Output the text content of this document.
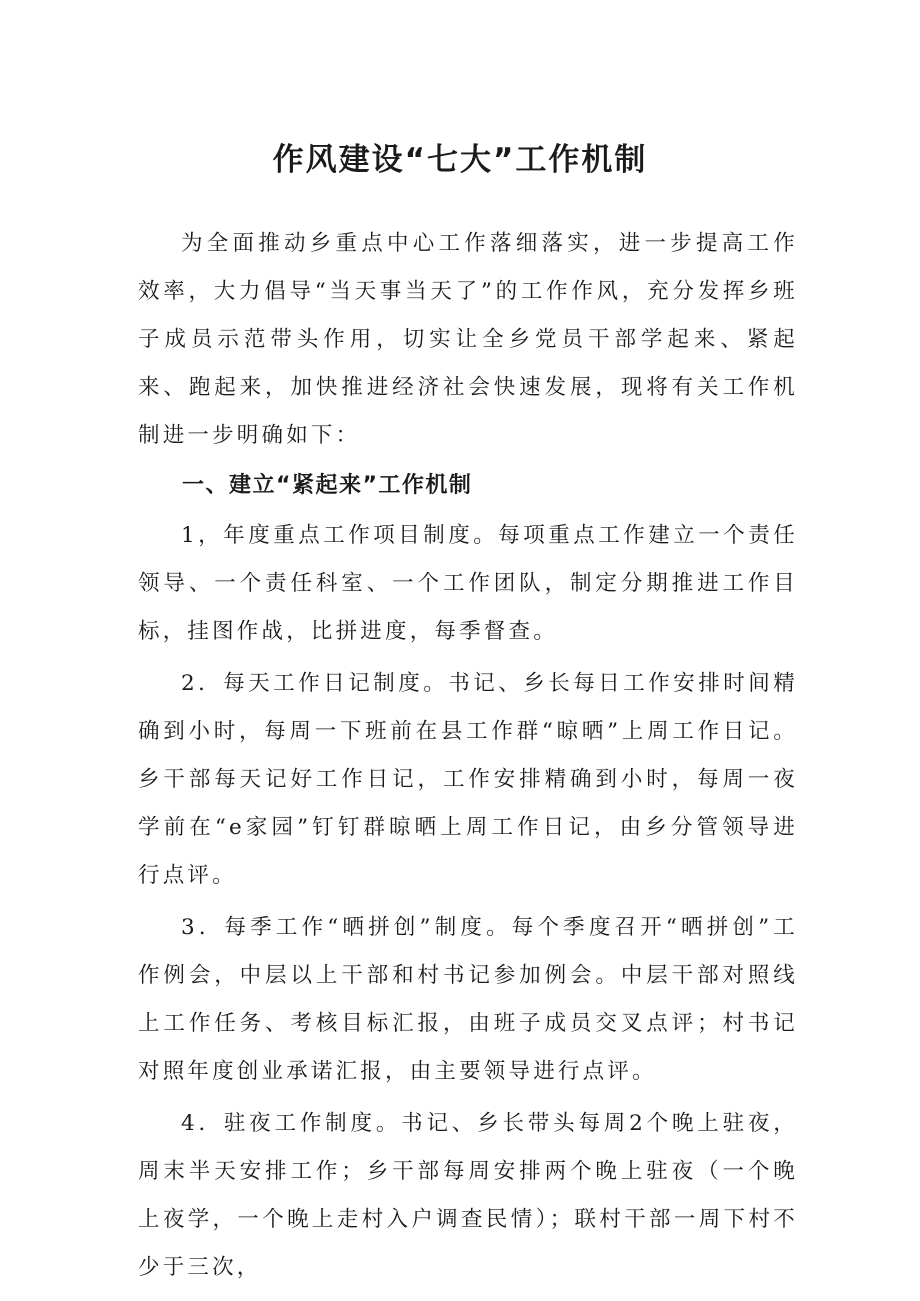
作风建设“七大”工作机制

为全面推动乡重点中心工作落细落实，进一步提高工作效率，大力倡导“当天事当天了”的工作作风，充分发挥乡班子成员示范带头作用，切实让全乡党员干部学起来、紧起来、跑起来，加快推进经济社会快速发展，现将有关工作机制进一步明确如下：

一、建立“紧起来”工作机制

1，年度重点工作项目制度。每项重点工作建立一个责任领导、一个责任科室、一个工作团队，制定分期推进工作目标，挂图作战，比拼进度，每季督查。

2．每天工作日记制度。书记、乡长每日工作安排时间精确到小时，每周一下班前在县工作群“晾晒”上周工作日记。乡干部每天记好工作日记，工作安排精确到小时，每周一夜学前在“e家园”钉钉群晾晒上周工作日记，由乡分管领导进行点评。

3．每季工作“晒拼创”制度。每个季度召开“晒拼创”工作例会，中层以上干部和村书记参加例会。中层干部对照线上工作任务、考核目标汇报，由班子成员交叉点评；村书记对照年度创业承诺汇报，由主要领导进行点评。

4．驻夜工作制度。书记、乡长带头每周2个晚上驻夜，周末半天安排工作；乡干部每周安排两个晚上驻夜（一个晚上夜学，一个晚上走村入户调查民情）；联村干部一周下村不少于三次，
